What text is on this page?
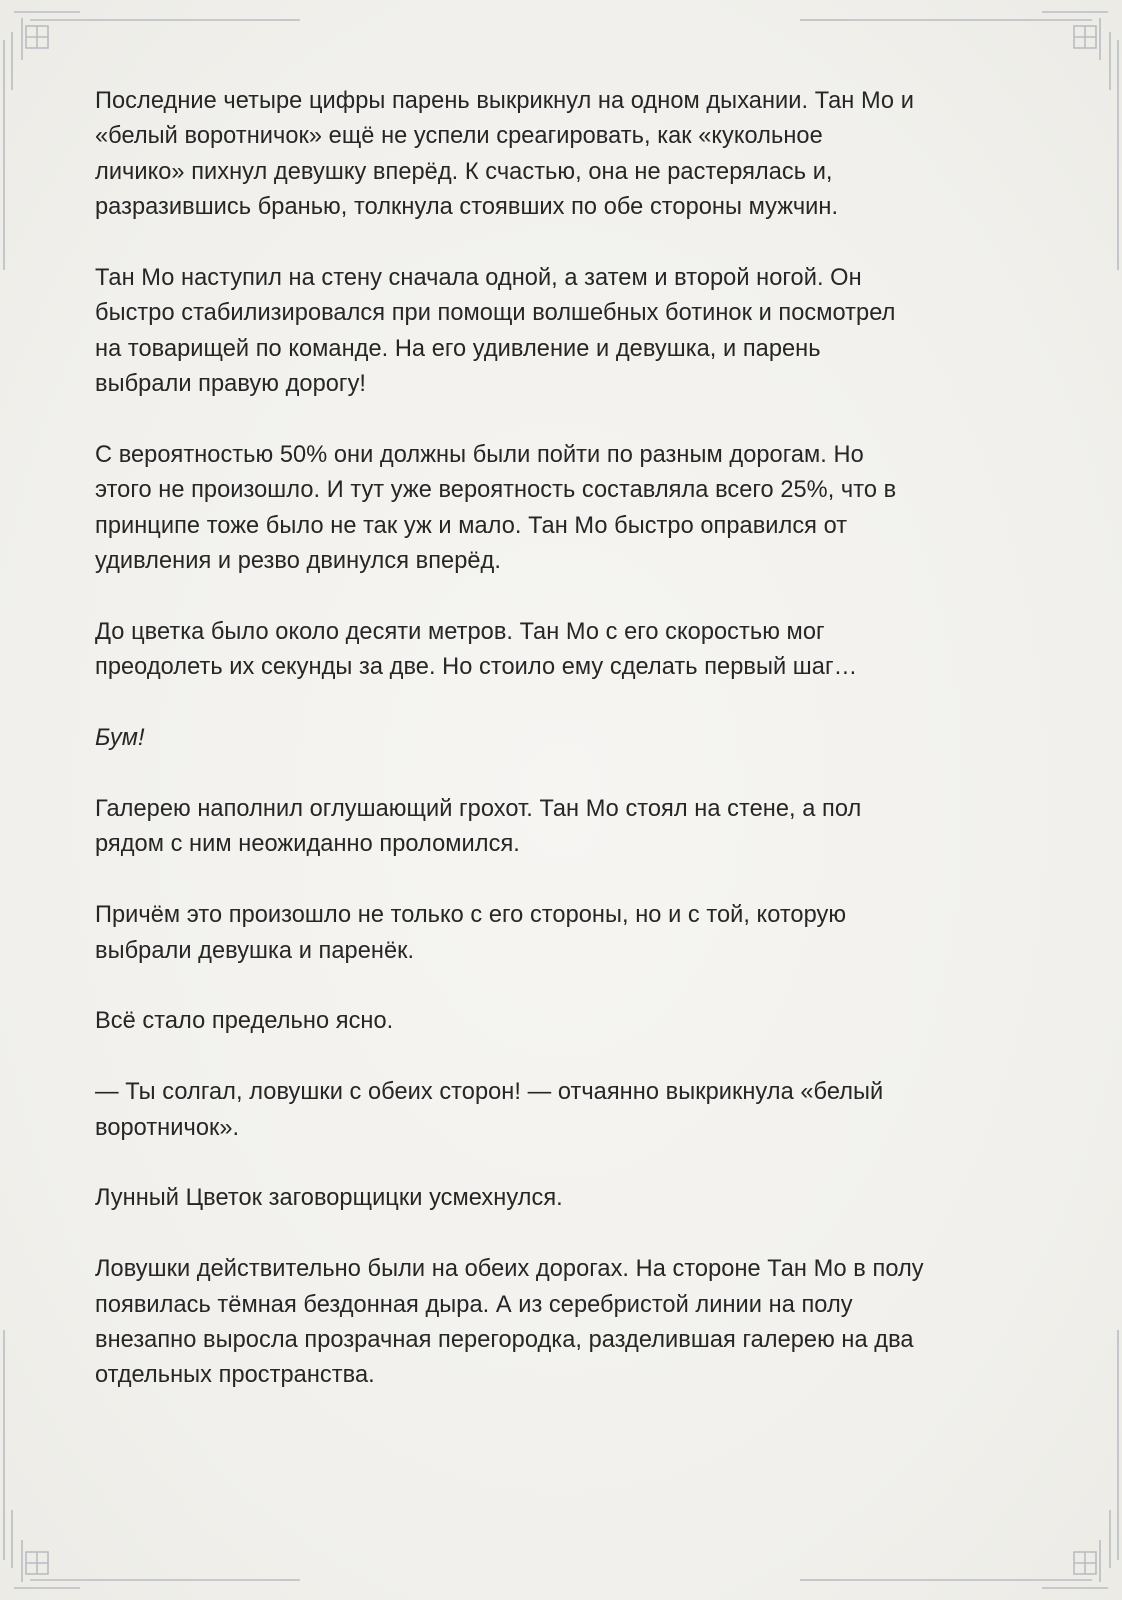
Последние четыре цифры парень выкрикнул на одном дыхании. Тан Мо и
«белый воротничок» ещё не успели среагировать, как «кукольное
личико» пихнул девушку вперёд. К счастью, она не растерялась и,
разразившись бранью, толкнула стоявших по обе стороны мужчин.

Тан Мо наступил на стену сначала одной, а затем и второй ногой. Он
быстро стабилизировался при помощи волшебных ботинок и посмотрел
на товарищей по команде. На его удивление и девушка, и парень
выбрали правую дорогу!

С вероятностью 50% они должны были пойти по разным дорогам. Но
этого не произошло. И тут уже вероятность составляла всего 25%, что в
принципе тоже было не так уж и мало. Тан Мо быстро оправился от
удивления и резво двинулся вперёд.

До цветка было около десяти метров. Тан Мо с его скоростью мог
преодолеть их секунды за две. Но стоило ему сделать первый шаг…

Бум!

Галерею наполнил оглушающий грохот. Тан Мо стоял на стене, а пол
рядом с ним неожиданно проломился.

Причём это произошло не только с его стороны, но и с той, которую
выбрали девушка и паренёк.

Всё стало предельно ясно.

— Ты солгал, ловушки с обеих сторон! — отчаянно выкрикнула «белый
воротничок».

Лунный Цветок заговорщицки усмехнулся.

Ловушки действительно были на обеих дорогах. На стороне Тан Мо в полу
появилась тёмная бездонная дыра. А из серебристой линии на полу
внезапно выросла прозрачная перегородка, разделившая галерею на два
отдельных пространства.
